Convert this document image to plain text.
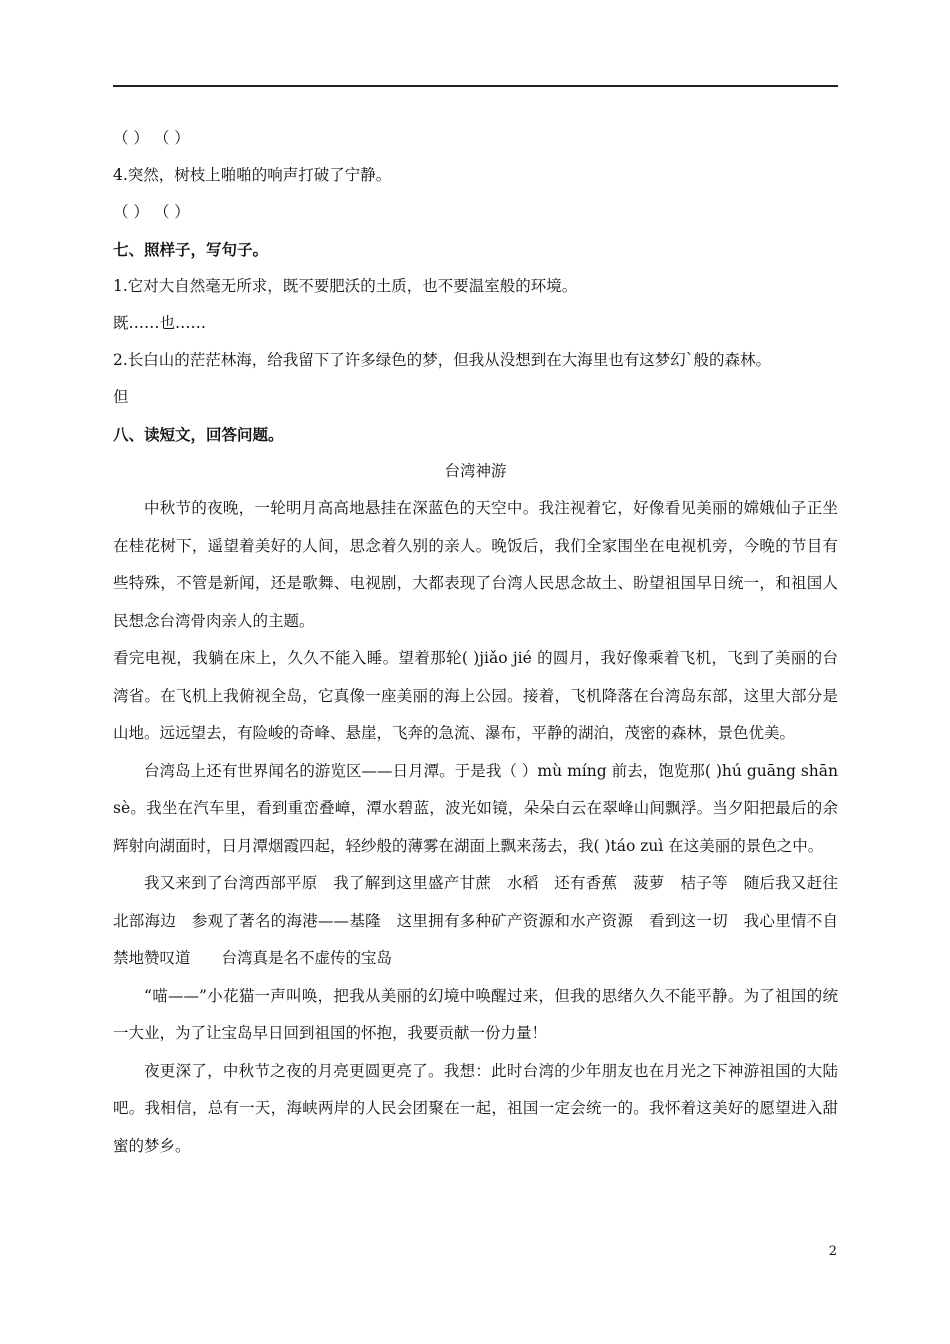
（ ） （ ）
4.突然，树枝上啪啪的响声打破了宁静。
（ ） （ ）
七、照样子，写句子。
1.它对大自然毫无所求，既不要肥沃的土质，也不要温室般的环境。
既……也……
2.长白山的茫茫林海，给我留下了许多绿色的梦，但我从没想到在大海里也有这梦幻`般的森林。
但
八、读短文，回答问题。
台湾神游

中秋节的夜晚，一轮明月高高地悬挂在深蓝色的天空中。我注视着它，好像看见美丽的嫦娥仙子正坐在桂花树下，遥望着美好的人间，思念着久别的亲人。晚饭后，我们全家围坐在电视机旁，今晚的节目有些特殊，不管是新闻，还是歌舞、电视剧，大都表现了台湾人民思念故土、盼望祖国早日统一，和祖国人民想念台湾骨肉亲人的主题。

看完电视，我躺在床上，久久不能入睡。望着那轮( )jiǎo jié 的圆月，我好像乘着飞机，飞到了美丽的台湾省。在飞机上我俯视全岛，它真像一座美丽的海上公园。接着，飞机降落在台湾岛东部，这里大部分是山地。远远望去，有险峻的奇峰、悬崖，飞奔的急流、瀑布，平静的湖泊，茂密的森林，景色优美。

台湾岛上还有世界闻名的游览区——日月潭。于是我（ ）mù míng 前去，饱览那( )hú guāng shān sè。我坐在汽车里，看到重峦叠嶂，潭水碧蓝，波光如镜，朵朵白云在翠峰山间飘浮。当夕阳把最后的余辉射向湖面时，日月潭烟霞四起，轻纱般的薄雾在湖面上飘来荡去，我( )táo zuì 在这美丽的景色之中。

我又来到了台湾西部平原　我了解到这里盛产甘蔗　水稻　还有香蕉　菠萝　桔子等　随后我又赶往北部海边　参观了著名的海港——基隆　这里拥有多种矿产资源和水产资源　看到这一切　我心里情不自禁地赞叹道　　台湾真是名不虚传的宝岛

“喵——”小花猫一声叫唤，把我从美丽的幻境中唤醒过来，但我的思绪久久不能平静。为了祖国的统一大业，为了让宝岛早日回到祖国的怀抱，我要贡献一份力量！

夜更深了，中秋节之夜的月亮更圆更亮了。我想：此时台湾的少年朋友也在月光之下神游祖国的大陆吧。我相信，总有一天，海峡两岸的人民会团聚在一起，祖国一定会统一的。我怀着这美好的愿望进入甜蜜的梦乡。

2
